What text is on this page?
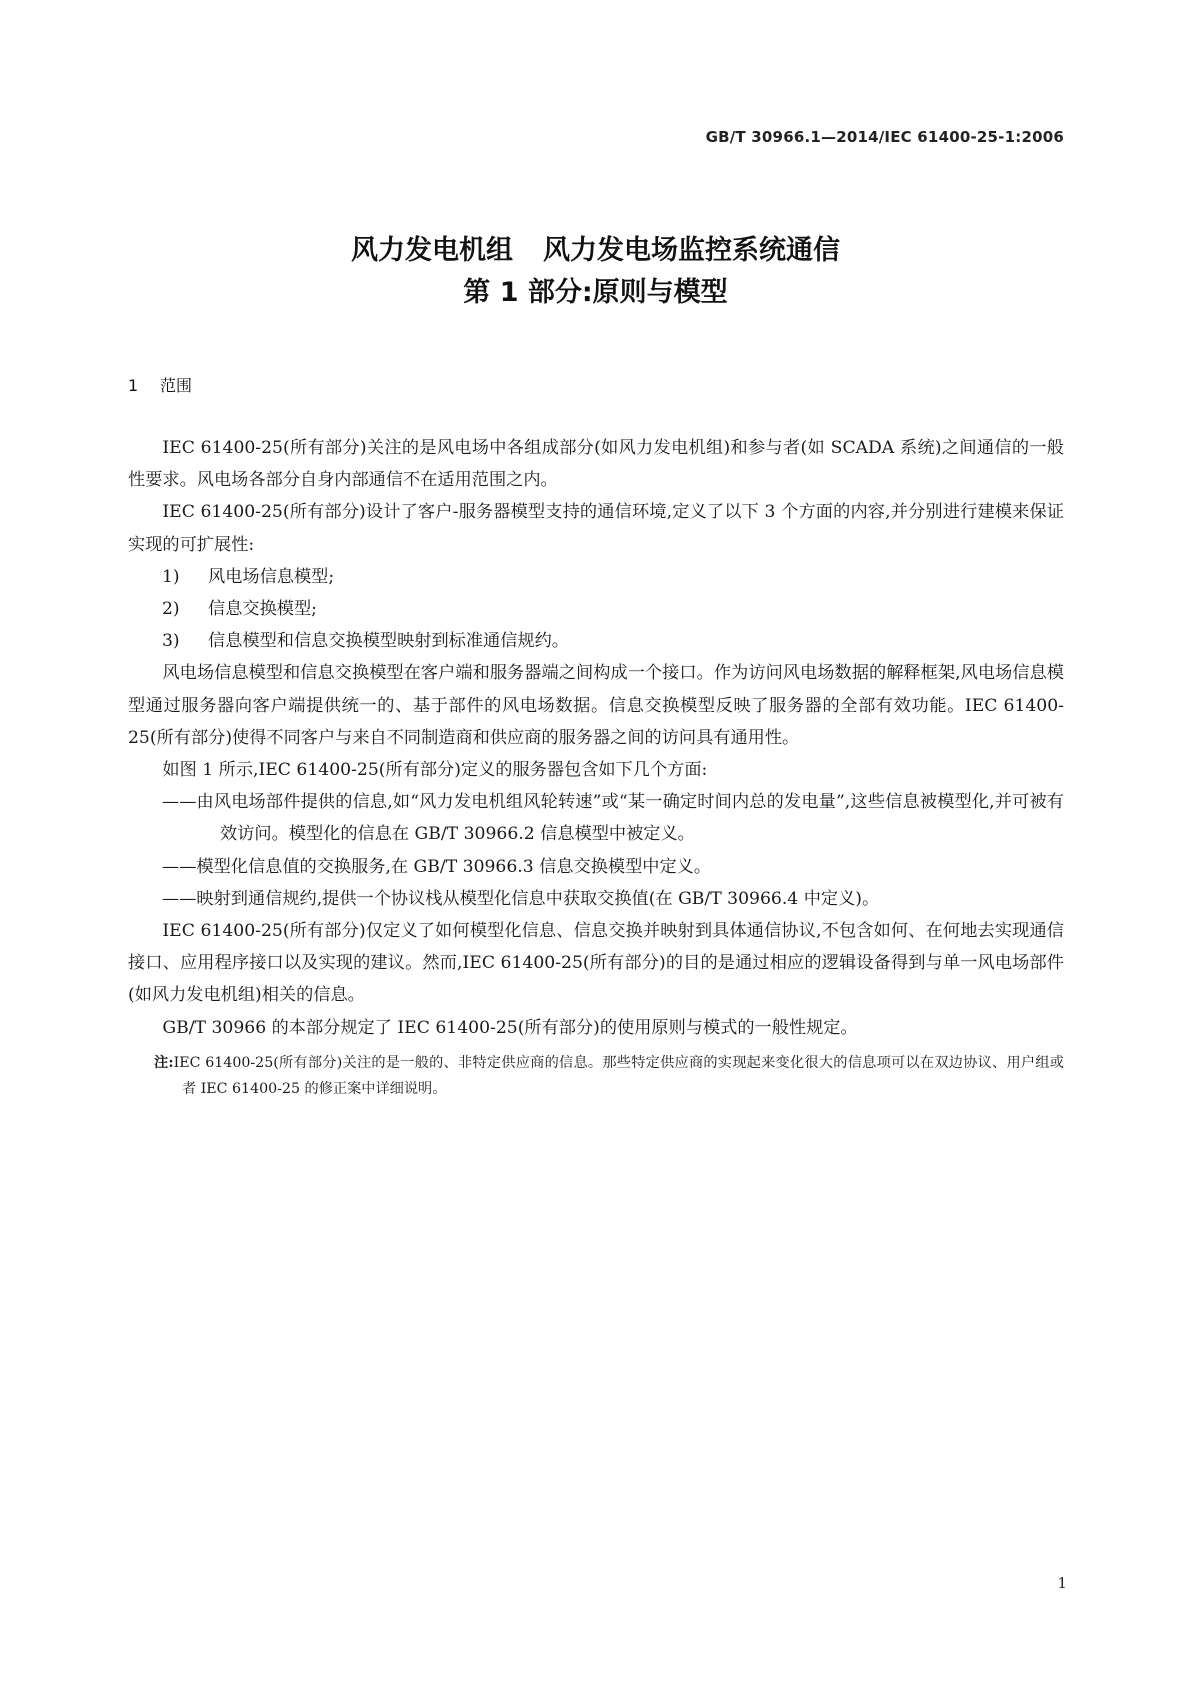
GB/T 30966.1—2014/IEC 61400-25-1:2006
风力发电机组 风力发电场监控系统通信
第 1 部分:原则与模型
1 范围

IEC 61400-25(所有部分)关注的是风电场中各组成部分(如风力发电机组)和参与者(如 SCADA 系统)之间通信的一般性要求。风电场各部分自身内部通信不在适用范围之内。

IEC 61400-25(所有部分)设计了客户-服务器模型支持的通信环境,定义了以下 3 个方面的内容,并分别进行建模来保证实现的可扩展性:

1) 风电场信息模型;

2) 信息交换模型;

3) 信息模型和信息交换模型映射到标准通信规约。

风电场信息模型和信息交换模型在客户端和服务器端之间构成一个接口。作为访问风电场数据的解释框架,风电场信息模型通过服务器向客户端提供统一的、基于部件的风电场数据。信息交换模型反映了服务器的全部有效功能。IEC 61400-25(所有部分)使得不同客户与来自不同制造商和供应商的服务器之间的访问具有通用性。

如图 1 所示,IEC 61400-25(所有部分)定义的服务器包含如下几个方面:

——由风电场部件提供的信息,如“风力发电机组风轮转速”或“某一确定时间内总的发电量”,这些信息被模型化,并可被有效访问。模型化的信息在 GB/T 30966.2 信息模型中被定义。

——模型化信息值的交换服务,在 GB/T 30966.3 信息交换模型中定义。

——映射到通信规约,提供一个协议栈从模型化信息中获取交换值(在 GB/T 30966.4 中定义)。

IEC 61400-25(所有部分)仅定义了如何模型化信息、信息交换并映射到具体通信协议,不包含如何、在何地去实现通信接口、应用程序接口以及实现的建议。然而,IEC 61400-25(所有部分)的目的是通过相应的逻辑设备得到与单一风电场部件(如风力发电机组)相关的信息。

GB/T 30966 的本部分规定了 IEC 61400-25(所有部分)的使用原则与模式的一般性规定。

注:IEC 61400-25(所有部分)关注的是一般的、非特定供应商的信息。那些特定供应商的实现起来变化很大的信息项可以在双边协议、用户组或者 IEC 61400-25 的修正案中详细说明。

1
